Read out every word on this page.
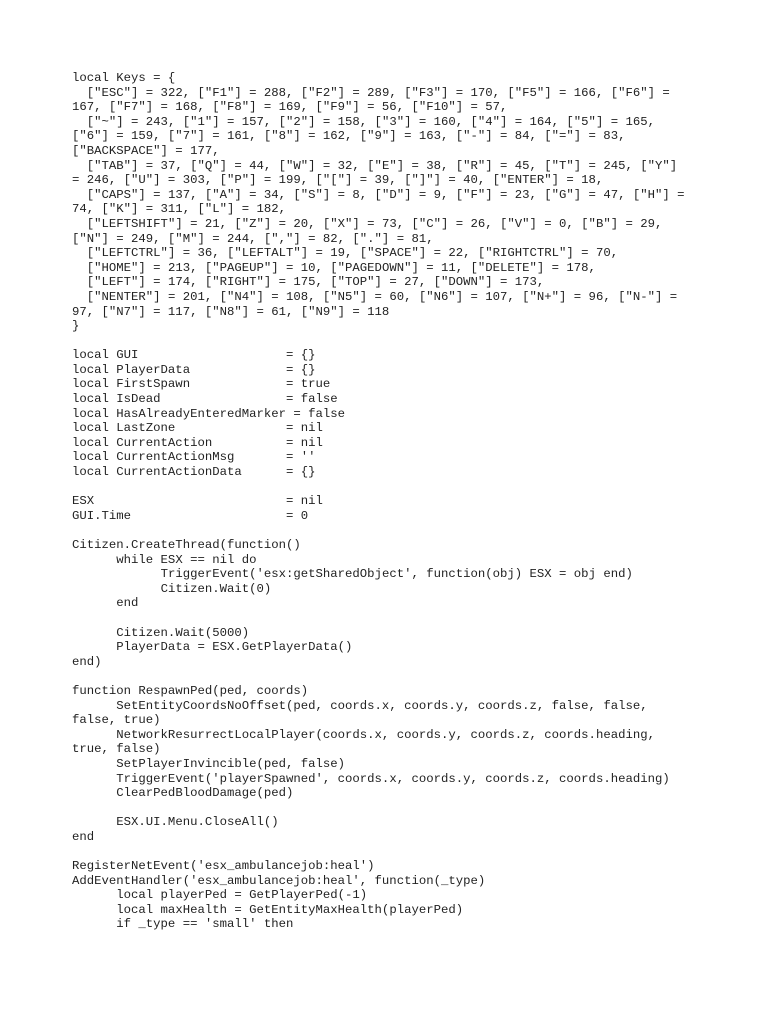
local Keys = {
["ESC"] = 322, ["F1"] = 288, ["F2"] = 289, ["F3"] = 170, ["F5"] = 166, ["F6"] =
167, ["F7"] = 168, ["F8"] = 169, ["F9"] = 56, ["F10"] = 57,
["~"] = 243, ["1"] = 157, ["2"] = 158, ["3"] = 160, ["4"] = 164, ["5"] = 165,
["6"] = 159, ["7"] = 161, ["8"] = 162, ["9"] = 163, ["-"] = 84, ["="] = 83,
["BACKSPACE"] = 177,
["TAB"] = 37, ["Q"] = 44, ["W"] = 32, ["E"] = 38, ["R"] = 45, ["T"] = 245, ["Y"]
= 246, ["U"] = 303, ["P"] = 199, ["["] = 39, ["]"] = 40, ["ENTER"] = 18,
["CAPS"] = 137, ["A"] = 34, ["S"] = 8, ["D"] = 9, ["F"] = 23, ["G"] = 47, ["H"] =
74, ["K"] = 311, ["L"] = 182,
["LEFTSHIFT"] = 21, ["Z"] = 20, ["X"] = 73, ["C"] = 26, ["V"] = 0, ["B"] = 29,
["N"] = 249, ["M"] = 244, [","] = 82, ["."] = 81,
["LEFTCTRL"] = 36, ["LEFTALT"] = 19, ["SPACE"] = 22, ["RIGHTCTRL"] = 70,
["HOME"] = 213, ["PAGEUP"] = 10, ["PAGEDOWN"] = 11, ["DELETE"] = 178,
["LEFT"] = 174, ["RIGHT"] = 175, ["TOP"] = 27, ["DOWN"] = 173,
["NENTER"] = 201, ["N4"] = 108, ["N5"] = 60, ["N6"] = 107, ["N+"] = 96, ["N-"] =
97, ["N7"] = 117, ["N8"] = 61, ["N9"] = 118
}
local GUI                    = {}
local PlayerData             = {}
local FirstSpawn             = true
local IsDead                 = false
local HasAlreadyEnteredMarker = false
local LastZone               = nil
local CurrentAction          = nil
local CurrentActionMsg       = ''
local CurrentActionData      = {}
ESX                          = nil
GUI.Time                     = 0
Citizen.CreateThread(function()
while ESX == nil do
TriggerEvent('esx:getSharedObject', function(obj) ESX = obj end)
Citizen.Wait(0)
end
Citizen.Wait(5000)
PlayerData = ESX.GetPlayerData()
end)
function RespawnPed(ped, coords)
SetEntityCoordsNoOffset(ped, coords.x, coords.y, coords.z, false, false,
false, true)
NetworkResurrectLocalPlayer(coords.x, coords.y, coords.z, coords.heading,
true, false)
SetPlayerInvincible(ped, false)
TriggerEvent('playerSpawned', coords.x, coords.y, coords.z, coords.heading)
ClearPedBloodDamage(ped)
ESX.UI.Menu.CloseAll()
end
RegisterNetEvent('esx_ambulancejob:heal')
AddEventHandler('esx_ambulancejob:heal', function(_type)
local playerPed = GetPlayerPed(-1)
local maxHealth = GetEntityMaxHealth(playerPed)
if _type == 'small' then
